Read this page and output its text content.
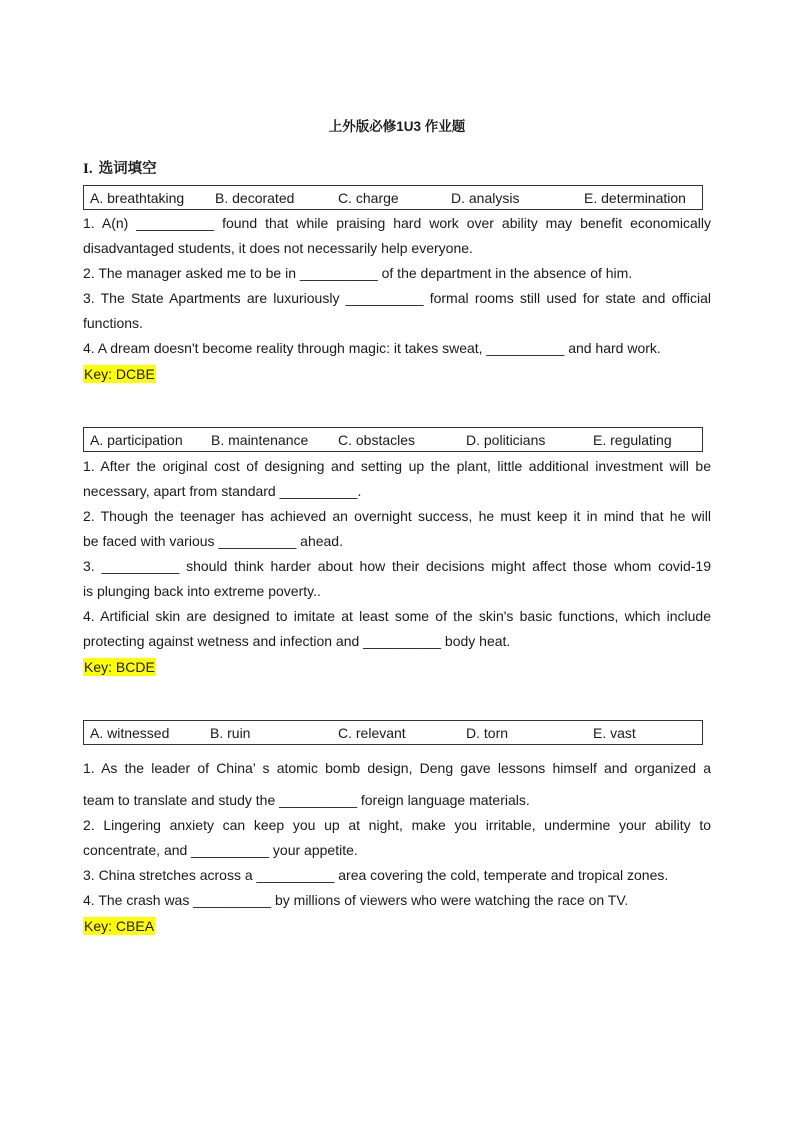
上外版必修1U3 作业题
I. 选词填空
A. breathtaking B. decorated	C. charge	D. analysis	E. determination
1. A(n) __________ found that while praising hard work over ability may benefit economically
disadvantaged students, it does not necessarily help everyone.
2. The manager asked me to be in __________ of the department in the absence of him.
3. The State Apartments are luxuriously __________ formal rooms still used for state and official
functions.
4. A dream doesn't become reality through magic: it takes sweat, __________ and hard work.
Key: DCBE
A. participation B. maintenance C. obstacles	D. politicians	E. regulating
1. After the original cost of designing and setting up the plant, little additional investment will be
necessary, apart from standard __________.
2. Though the teenager has achieved an overnight success, he must keep it in mind that he will
be faced with various __________ ahead.
3. __________ should think harder about how their decisions might affect those whom covid-19
is plunging back into extreme poverty..
4. Artificial skin are designed to imitate at least some of the skin's basic functions, which include
protecting against wetness and infection and __________ body heat.
Key: BCDE
A. witnessed	B. ruin	C. relevant	D. torn	E. vast
1. As the leader of China’ s atomic bomb design, Deng gave lessons himself and organized a
team to translate and study the __________ foreign language materials.
2. Lingering anxiety can keep you up at night, make you irritable, undermine your ability to
concentrate, and __________ your appetite.
3. China stretches across a __________ area covering the cold, temperate and tropical zones.
4. The crash was __________ by millions of viewers who were watching the race on TV.
Key: CBEA
